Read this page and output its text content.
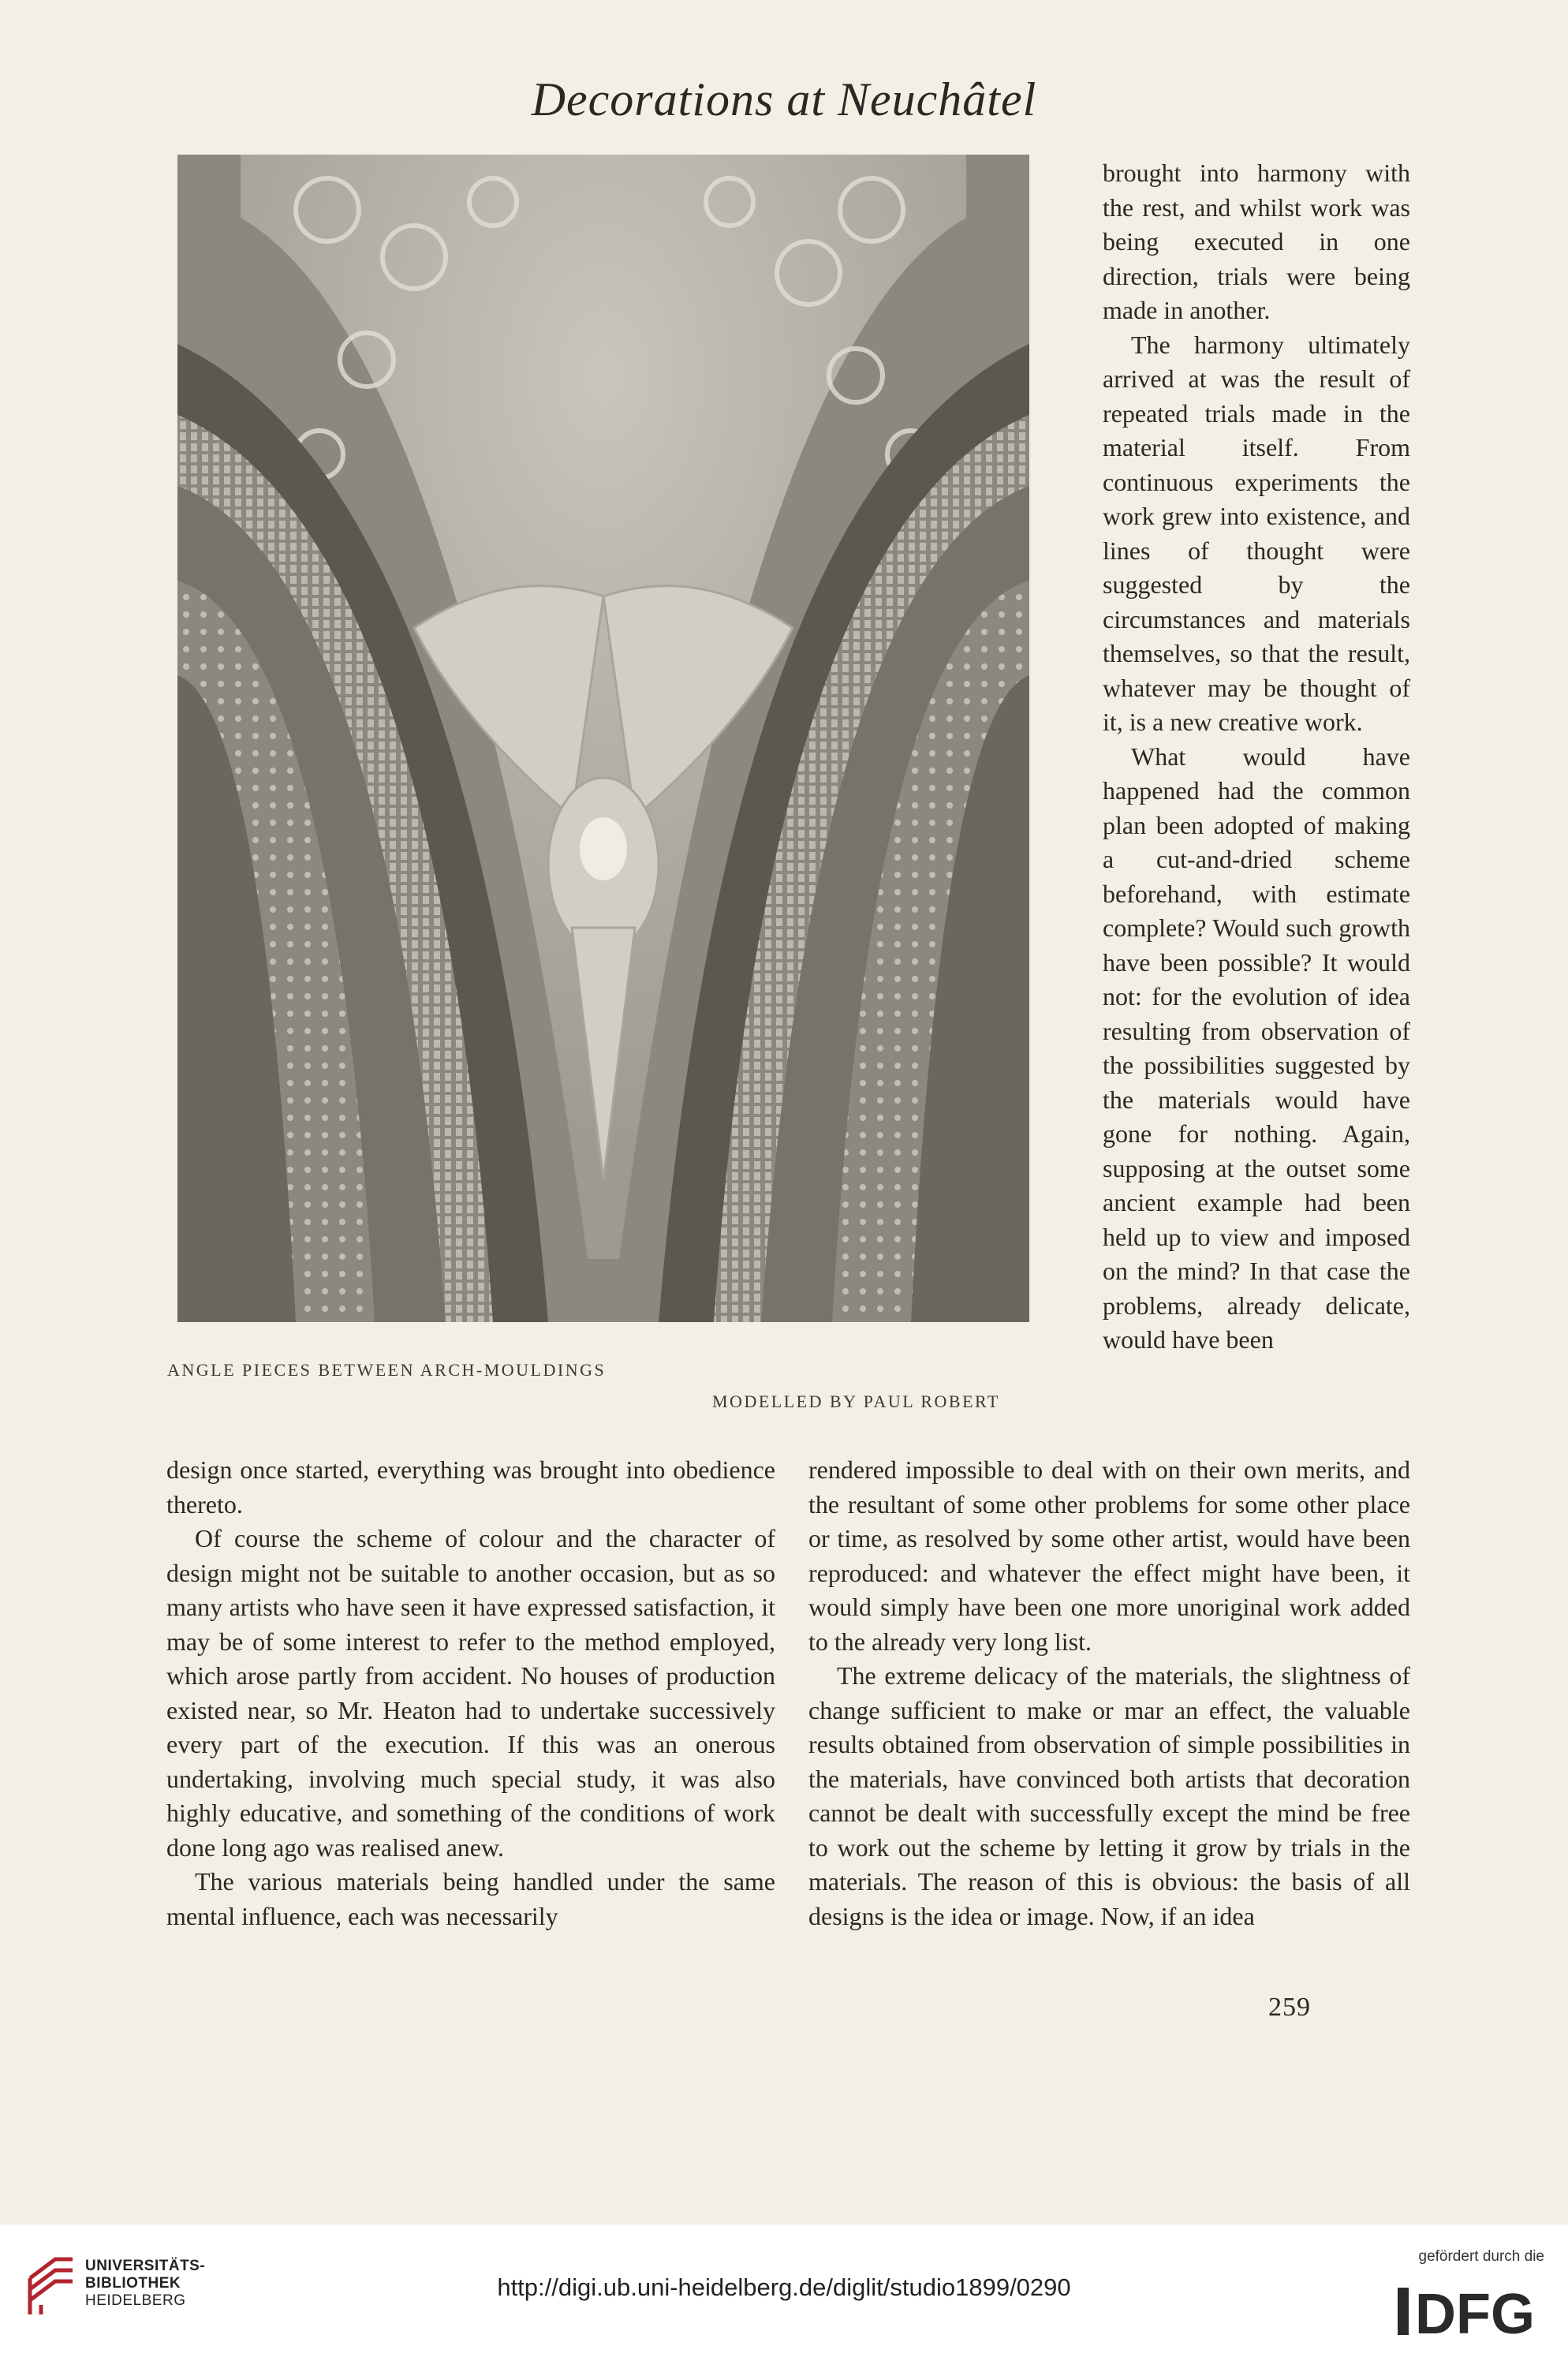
Decorations at Neuchâtel
ANGLE PIECES BETWEEN ARCH-MOULDINGS
MODELLED BY PAUL ROBERT

brought into harmony with the rest, and whilst work was being executed in one direction, trials were being made in another.

The harmony ultimately arrived at was the result of repeated trials made in the material itself. From continuous experiments the work grew into existence, and lines of thought were suggested by the circumstances and materials themselves, so that the result, whatever may be thought of it, is a new creative work.

What would have happened had the common plan been adopted of making a cut-and-dried scheme beforehand, with estimate complete? Would such growth have been possible? It would not: for the evolution of idea resulting from observation of the possibilities suggested by the materials would have gone for nothing. Again, supposing at the outset some ancient example had been held up to view and imposed on the mind? In that case the problems, already delicate, would have been

design once started, everything was brought into obedience thereto.

Of course the scheme of colour and the character of design might not be suitable to another occasion, but as so many artists who have seen it have expressed satisfaction, it may be of some interest to refer to the method employed, which arose partly from accident. No houses of production existed near, so Mr. Heaton had to undertake successively every part of the execution. If this was an onerous undertaking, involving much special study, it was also highly educative, and something of the conditions of work done long ago was realised anew.

The various materials being handled under the same mental influence, each was necessarily

rendered impossible to deal with on their own merits, and the resultant of some other problems for some other place or time, as resolved by some other artist, would have been reproduced: and whatever the effect might have been, it would simply have been one more unoriginal work added to the already very long list.

The extreme delicacy of the materials, the slightness of change sufficient to make or mar an effect, the valuable results obtained from observation of simple possibilities in the materials, have convinced both artists that decoration cannot be dealt with successfully except the mind be free to work out the scheme by letting it grow by trials in the materials. The reason of this is obvious: the basis of all designs is the idea or image. Now, if an idea

259
UNIVERSITÄTS-
BIBLIOTHEK
HEIDELBERG	http://digi.ub.uni-heidelberg.de/diglit/studio1899/0290
gefördert durch die
DFG
